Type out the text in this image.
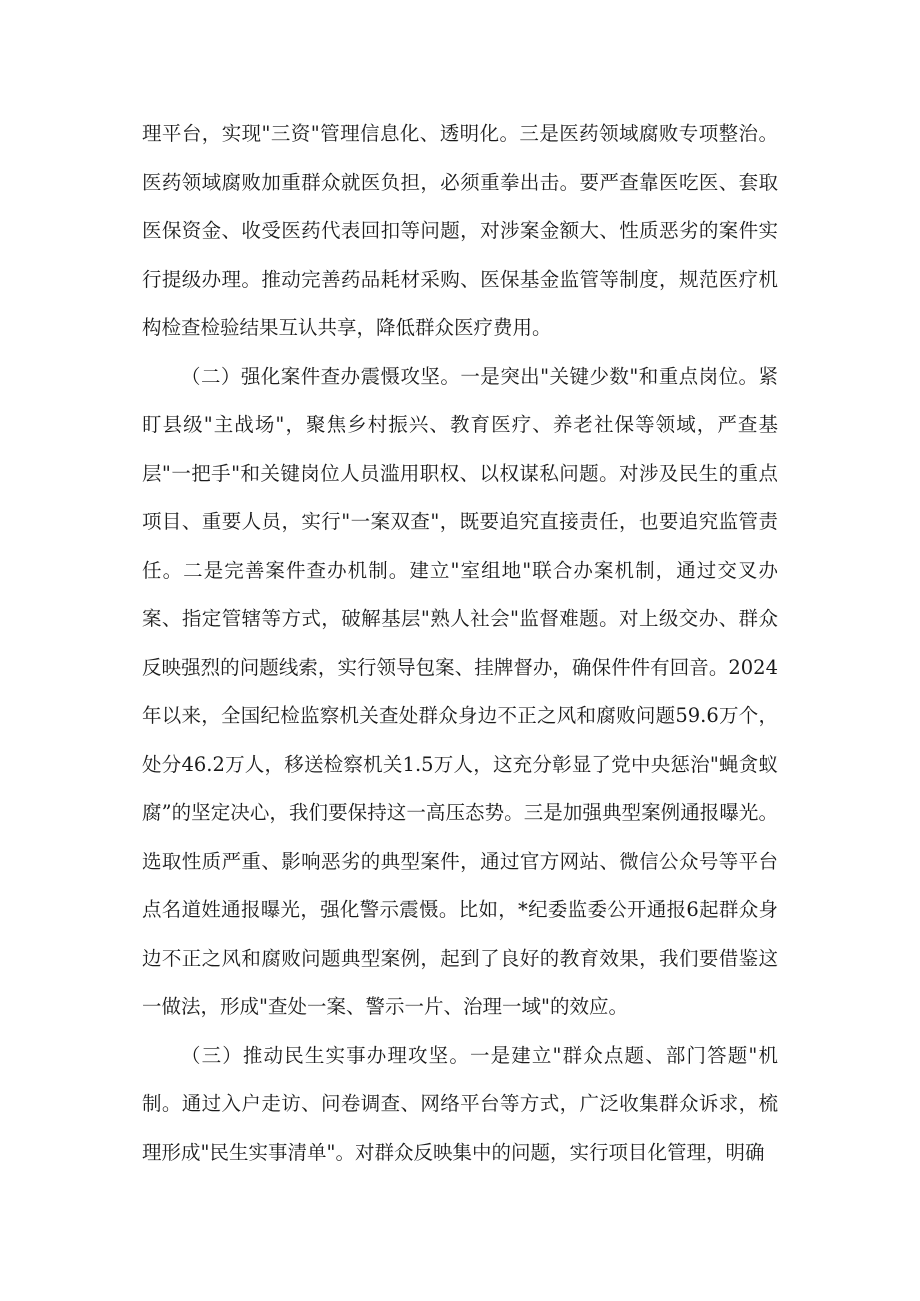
理平台，实现"三资"管理信息化、透明化。三是医药领域腐败专项整治。医药领域腐败加重群众就医负担，必须重拳出击。要严查靠医吃医、套取医保资金、收受医药代表回扣等问题，对涉案金额大、性质恶劣的案件实行提级办理。推动完善药品耗材采购、医保基金监管等制度，规范医疗机构检查检验结果互认共享，降低群众医疗费用。

（二）强化案件查办震慑攻坚。一是突出"关键少数"和重点岗位。紧盯县级"主战场"，聚焦乡村振兴、教育医疗、养老社保等领域，严查基层"一把手"和关键岗位人员滥用职权、以权谋私问题。对涉及民生的重点项目、重要人员，实行"一案双查"，既要追究直接责任，也要追究监管责任。二是完善案件查办机制。建立"室组地"联合办案机制，通过交叉办案、指定管辖等方式，破解基层"熟人社会"监督难题。对上级交办、群众反映强烈的问题线索，实行领导包案、挂牌督办，确保件件有回音。2024年以来，全国纪检监察机关查处群众身边不正之风和腐败问题59.6万个，处分46.2万人，移送检察机关1.5万人，这充分彰显了党中央惩治"蝇贪蚁腐”的坚定决心，我们要保持这一高压态势。三是加强典型案例通报曝光。选取性质严重、影响恶劣的典型案件，通过官方网站、微信公众号等平台点名道姓通报曝光，强化警示震慑。比如，*纪委监委公开通报6起群众身边不正之风和腐败问题典型案例，起到了良好的教育效果，我们要借鉴这一做法，形成"查处一案、警示一片、治理一域"的效应。

（三）推动民生实事办理攻坚。一是建立"群众点题、部门答题"机制。通过入户走访、问卷调查、网络平台等方式，广泛收集群众诉求，梳理形成"民生实事清单"。对群众反映集中的问题，实行项目化管理，明确
